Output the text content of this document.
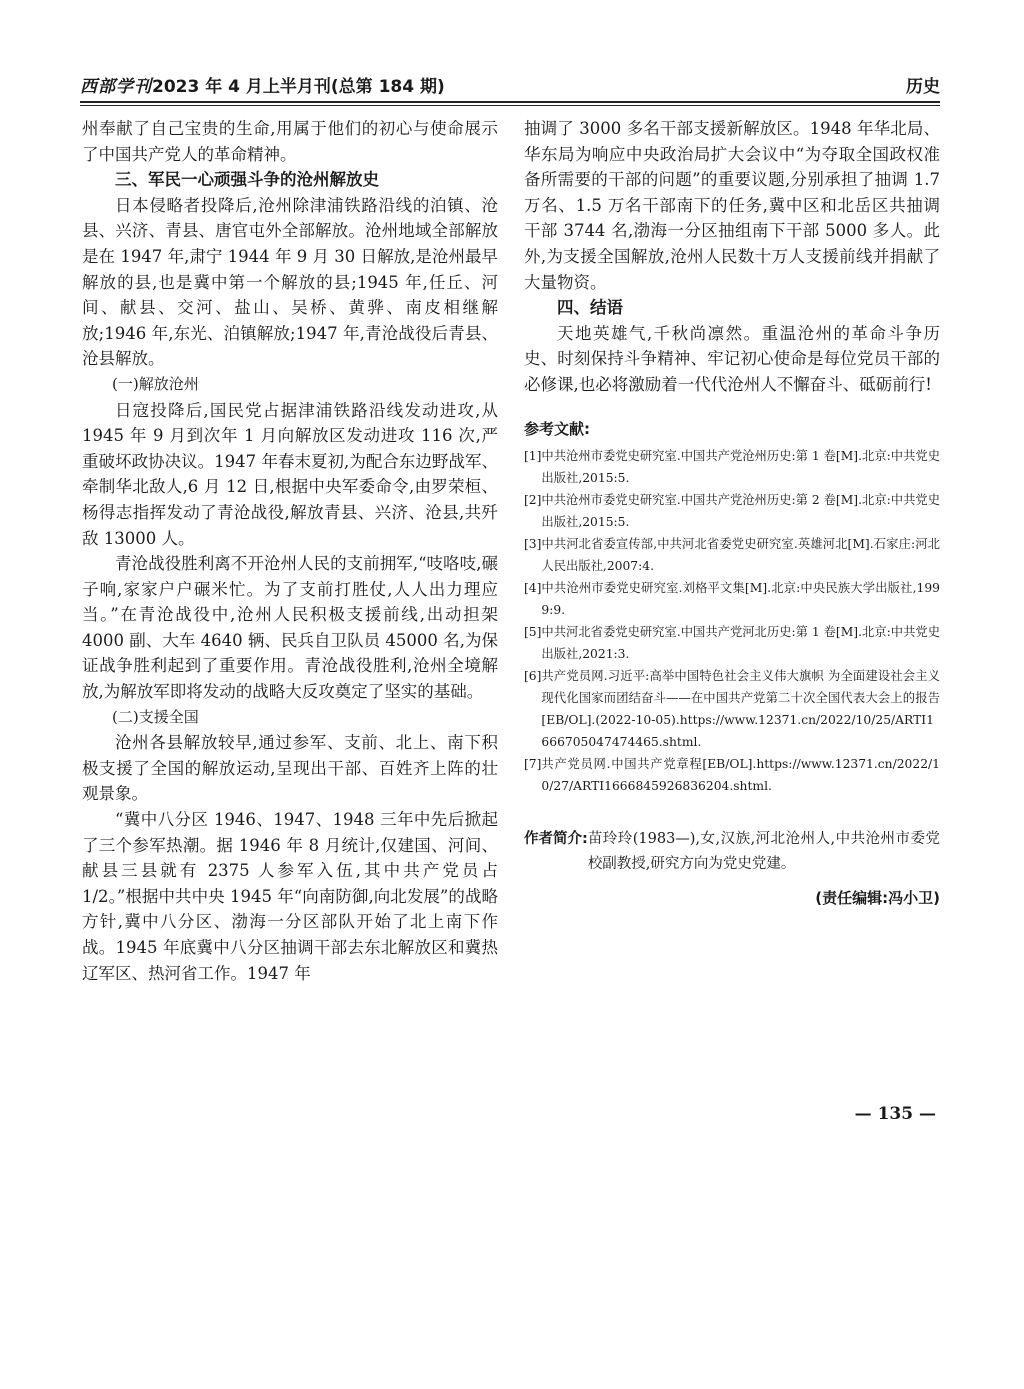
西部学刊2023 年 4 月上半月刊(总第 184 期)	历史

州奉献了自己宝贵的生命,用属于他们的初心与使命展示了中国共产党人的革命精神。

三、军民一心顽强斗争的沧州解放史

日本侵略者投降后,沧州除津浦铁路沿线的泊镇、沧县、兴济、青县、唐官屯外全部解放。沧州地域全部解放是在 1947 年,肃宁 1944 年 9 月 30 日解放,是沧州最早解放的县,也是冀中第一个解放的县;1945 年,任丘、河间、献县、交河、盐山、吴桥、黄骅、南皮相继解放;1946 年,东光、泊镇解放;1947 年,青沧战役后青县、沧县解放。

(一)解放沧州

日寇投降后,国民党占据津浦铁路沿线发动进攻,从 1945 年 9 月到次年 1 月向解放区发动进攻 116 次,严重破坏政协决议。1947 年春末夏初,为配合东边野战军、牵制华北敌人,6 月 12 日,根据中央军委命令,由罗荣桓、杨得志指挥发动了青沧战役,解放青县、兴济、沧县,共歼敌 13000 人。

青沧战役胜利离不开沧州人民的支前拥军,“吱咯吱,碾子响,家家户户碾米忙。为了支前打胜仗,人人出力理应当。”在青沧战役中,沧州人民积极支援前线,出动担架 4000 副、大车 4640 辆、民兵自卫队员 45000 名,为保证战争胜利起到了重要作用。青沧战役胜利,沧州全境解放,为解放军即将发动的战略大反攻奠定了坚实的基础。

(二)支援全国

沧州各县解放较早,通过参军、支前、北上、南下积极支援了全国的解放运动,呈现出干部、百姓齐上阵的壮观景象。

“冀中八分区 1946、1947、1948 三年中先后掀起了三个参军热潮。据 1946 年 8 月统计,仅建国、河间、献县三县就有 2375 人参军入伍,其中共产党员占 1/2。”根据中共中央 1945 年“向南防御,向北发展”的战略方针,冀中八分区、渤海一分区部队开始了北上南下作战。1945 年底冀中八分区抽调干部去东北解放区和冀热辽军区、热河省工作。1947 年

抽调了 3000 多名干部支援新解放区。1948 年华北局、华东局为响应中央政治局扩大会议中“为夺取全国政权准备所需要的干部的问题”的重要议题,分别承担了抽调 1.7 万名、1.5 万名干部南下的任务,冀中区和北岳区共抽调干部 3744 名,渤海一分区抽组南下干部 5000 多人。此外,为支援全国解放,沧州人民数十万人支援前线并捐献了大量物资。

四、结语

天地英雄气,千秋尚凛然。重温沧州的革命斗争历史、时刻保持斗争精神、牢记初心使命是每位党员干部的必修课,也必将激励着一代代沧州人不懈奋斗、砥砺前行!

参考文献:
[1] 中共沧州市委党史研究室.中国共产党沧州历史:第 1 卷[M].北京:中共党史出版社,2015:5.
[2] 中共沧州市委党史研究室.中国共产党沧州历史:第 2 卷[M].北京:中共党史出版社,2015:5.
[3] 中共河北省委宣传部,中共河北省委党史研究室.英雄河北[M].石家庄:河北人民出版社,2007:4.
[4] 中共沧州市委党史研究室.刘格平文集[M].北京:中央民族大学出版社,1999:9.
[5] 中共河北省委党史研究室.中国共产党河北历史:第 1 卷[M].北京:中共党史出版社,2021:3.
[6] 共产党员网.习近平:高举中国特色社会主义伟大旗帜 为全面建设社会主义现代化国家而团结奋斗——在中国共产党第二十次全国代表大会上的报告[EB/OL].(2022-10-05).https://www.12371.cn/2022/10/25/ARTI1666705047474465.shtml.
[7] 共产党员网.中国共产党章程[EB/OL].https://www.12371.cn/2022/10/27/ARTI1666845926836204.shtml.
作者简介: 苗玲玲(1983—),女,汉族,河北沧州人,中共沧州市委党校副教授,研究方向为党史党建。
(责任编辑:冯小卫)
— 135 —
